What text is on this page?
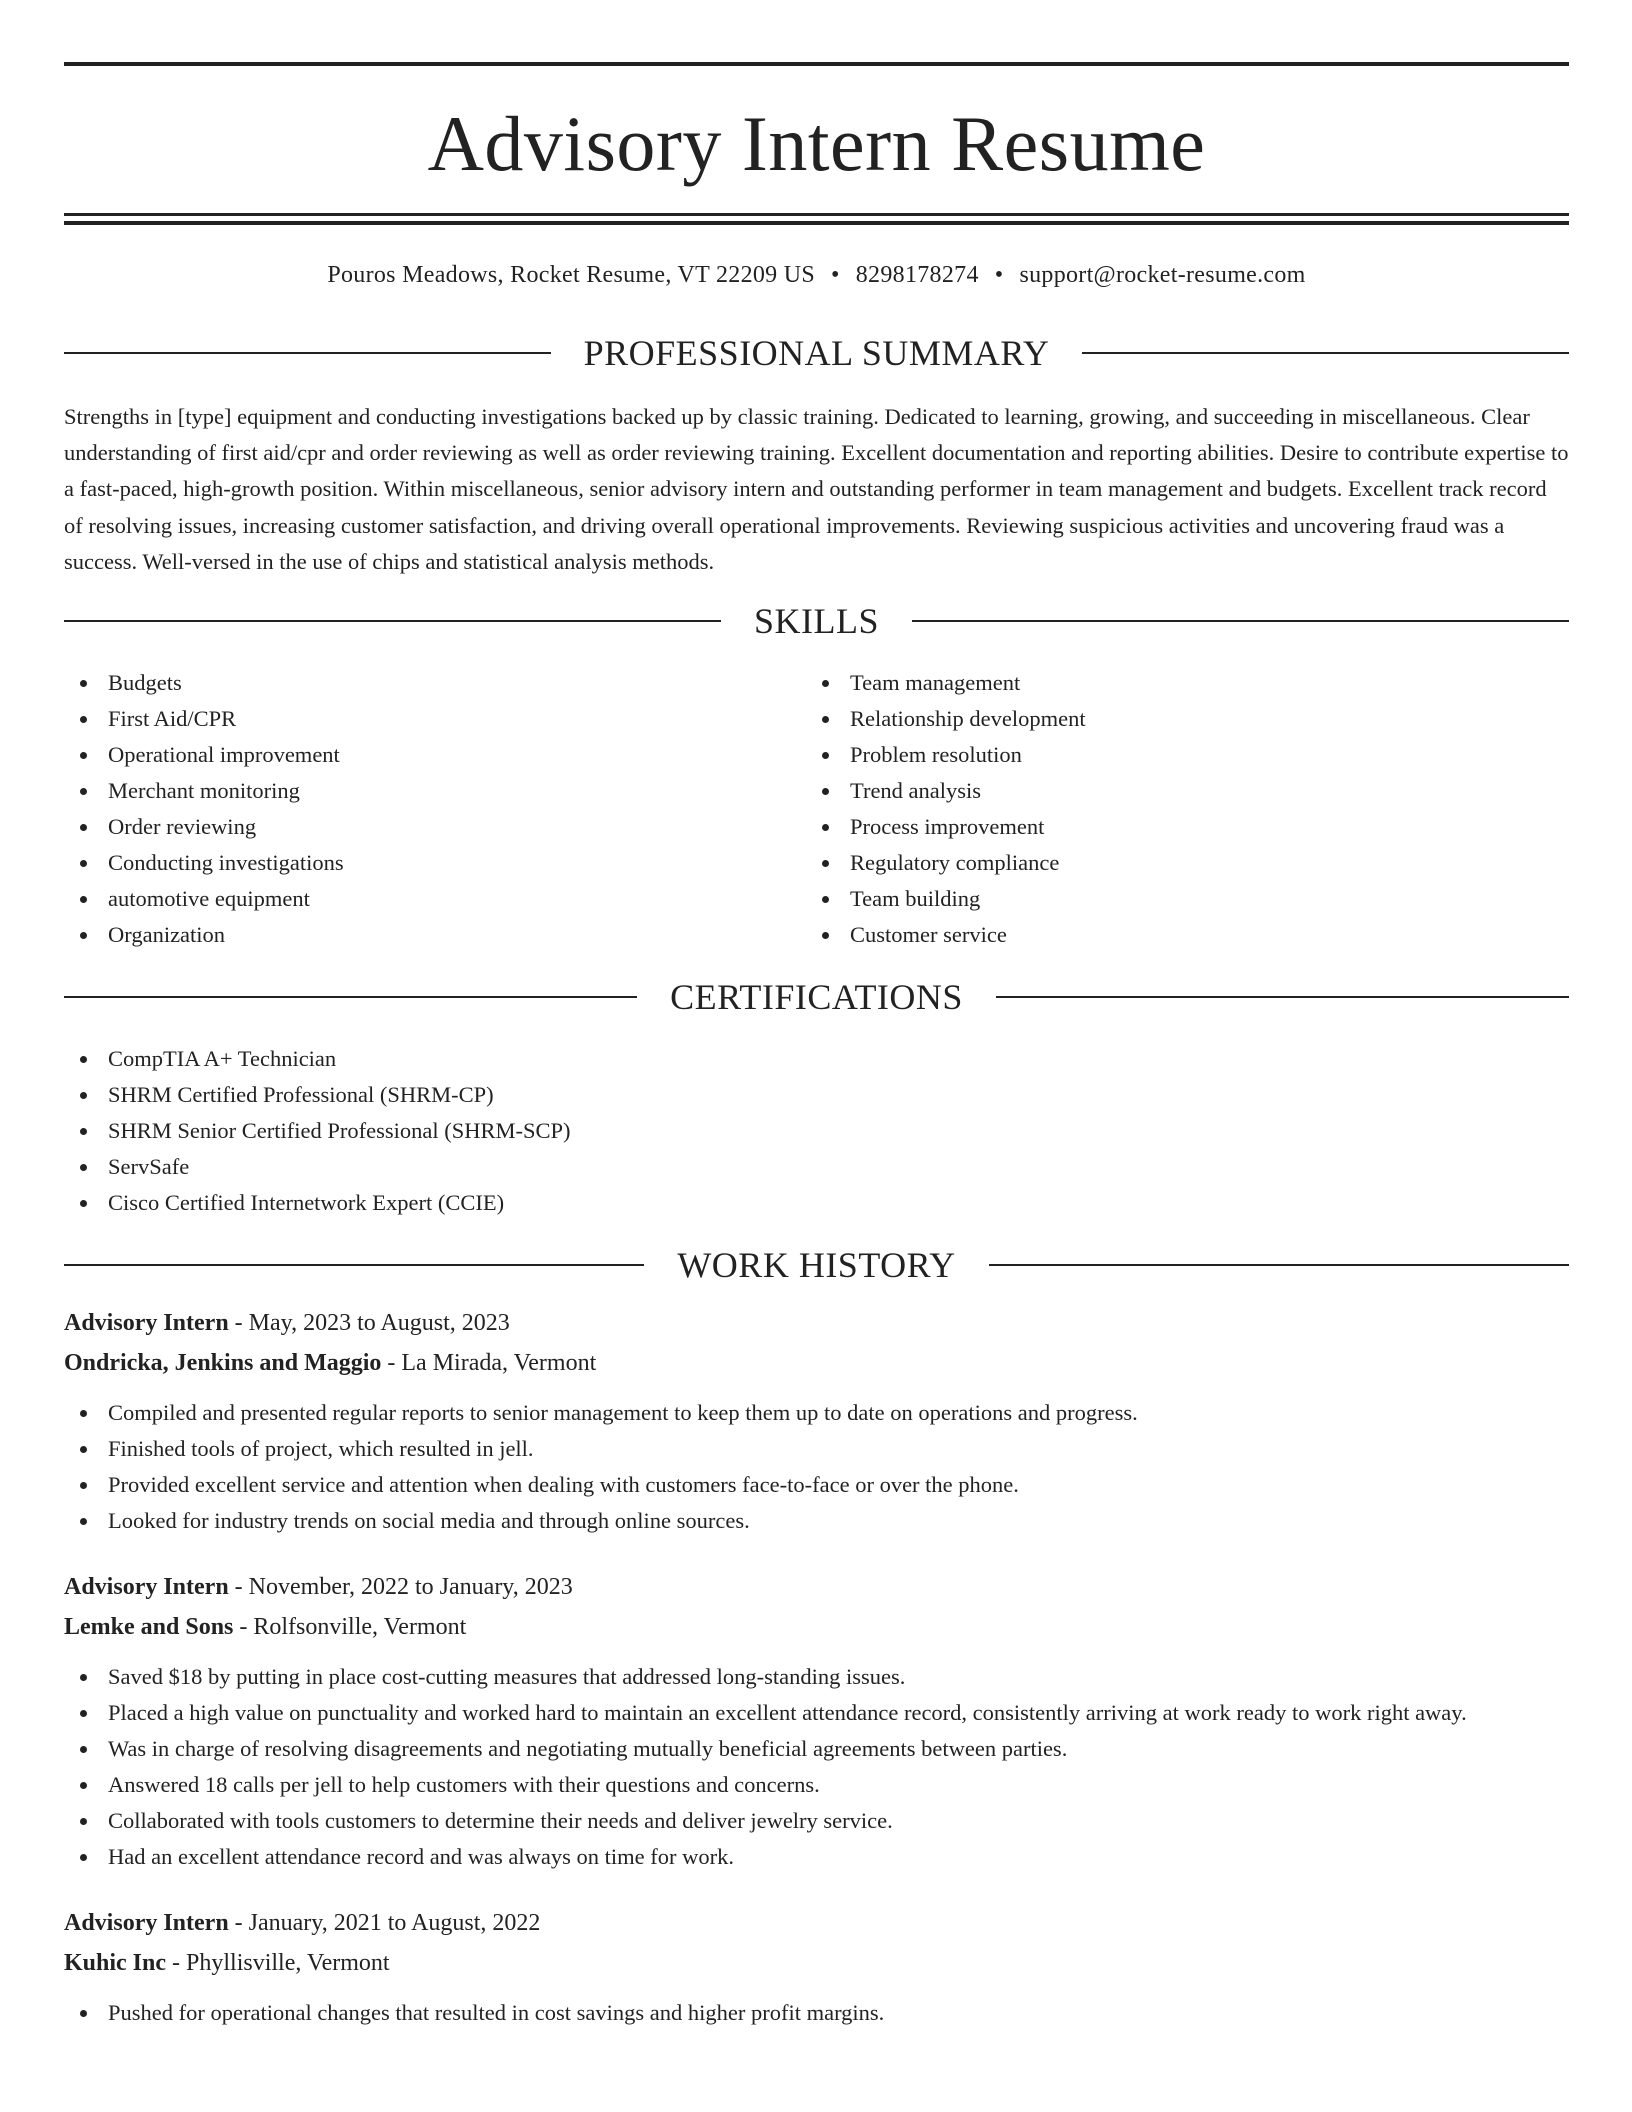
Advisory Intern Resume
Pouros Meadows, Rocket Resume, VT 22209 US • 8298178274 • support@rocket-resume.com
PROFESSIONAL SUMMARY

Strengths in [type] equipment and conducting investigations backed up by classic training. Dedicated to learning, growing, and succeeding in miscellaneous. Clear understanding of first aid/cpr and order reviewing as well as order reviewing training. Excellent documentation and reporting abilities. Desire to contribute expertise to a fast-paced, high-growth position. Within miscellaneous, senior advisory intern and outstanding performer in team management and budgets. Excellent track record of resolving issues, increasing customer satisfaction, and driving overall operational improvements. Reviewing suspicious activities and uncovering fraud was a success. Well-versed in the use of chips and statistical analysis methods.

SKILLS
Budgets
First Aid/CPR
Operational improvement
Merchant monitoring
Order reviewing
Conducting investigations
automotive equipment
Organization
Team management
Relationship development
Problem resolution
Trend analysis
Process improvement
Regulatory compliance
Team building
Customer service
CERTIFICATIONS
CompTIA A+ Technician
SHRM Certified Professional (SHRM-CP)
SHRM Senior Certified Professional (SHRM-SCP)
ServSafe
Cisco Certified Internetwork Expert (CCIE)
WORK HISTORY
Advisory Intern - May, 2023 to August, 2023
Ondricka, Jenkins and Maggio - La Mirada, Vermont
Compiled and presented regular reports to senior management to keep them up to date on operations and progress.
Finished tools of project, which resulted in jell.
Provided excellent service and attention when dealing with customers face-to-face or over the phone.
Looked for industry trends on social media and through online sources.
Advisory Intern - November, 2022 to January, 2023
Lemke and Sons - Rolfsonville, Vermont
Saved $18 by putting in place cost-cutting measures that addressed long-standing issues.
Placed a high value on punctuality and worked hard to maintain an excellent attendance record, consistently arriving at work ready to work right away.
Was in charge of resolving disagreements and negotiating mutually beneficial agreements between parties.
Answered 18 calls per jell to help customers with their questions and concerns.
Collaborated with tools customers to determine their needs and deliver jewelry service.
Had an excellent attendance record and was always on time for work.
Advisory Intern - January, 2021 to August, 2022
Kuhic Inc - Phyllisville, Vermont
Pushed for operational changes that resulted in cost savings and higher profit margins.
